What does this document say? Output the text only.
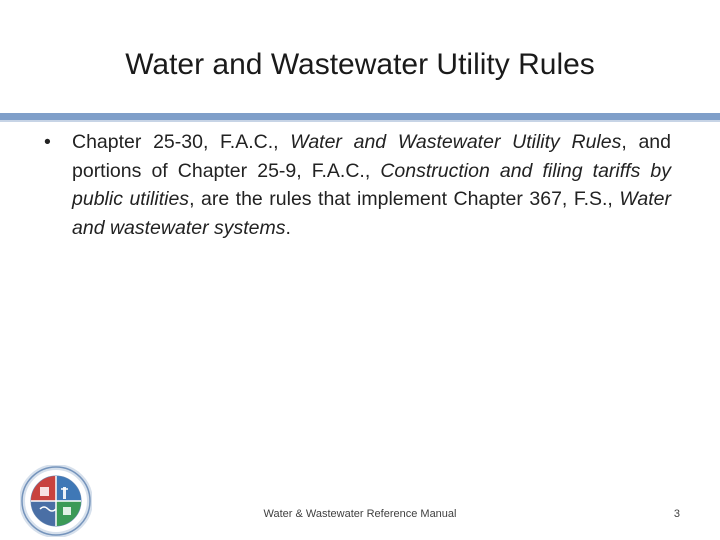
Water and Wastewater Utility Rules
•	Chapter 25-30, F.A.C., Water and Wastewater Utility Rules, and portions of Chapter 25-9, F.A.C., Construction and filing tariffs by public utilities, are the rules that implement Chapter 367, F.S., Water and wastewater systems.
Water & Wastewater Reference Manual	3
